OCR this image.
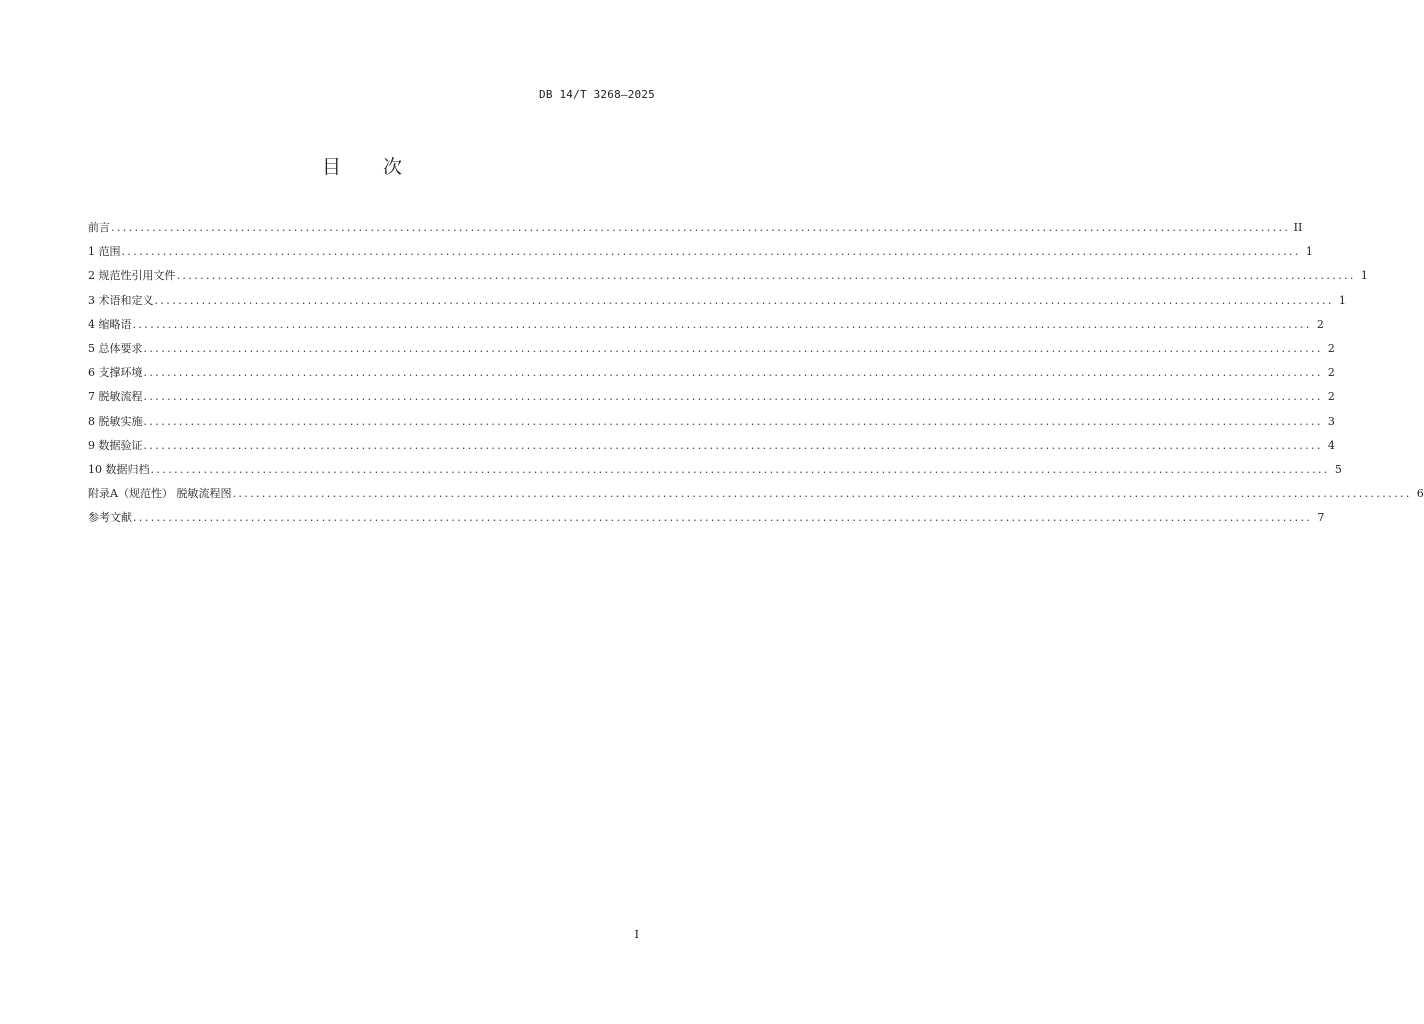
DB 14/T 3268—2025
目 次
前言 ........................................................................................................................................................................................................ II
1 范围 ........................................................................................................................................................................................................ 1
2 规范性引用文件 ........................................................................................................................................................................................................ 1
3 术语和定义 ........................................................................................................................................................................................................ 1
4 缩略语 ........................................................................................................................................................................................................ 2
5 总体要求 ........................................................................................................................................................................................................ 2
6 支撑环境 ........................................................................................................................................................................................................ 2
7 脱敏流程 ........................................................................................................................................................................................................ 2
8 脱敏实施 ........................................................................................................................................................................................................ 3
9 数据验证 ........................................................................................................................................................................................................ 4
10 数据归档 ........................................................................................................................................................................................................ 5
附录A（规范性） 脱敏流程图 ........................................................................................................................................................................................................ 6
参考文献 ........................................................................................................................................................................................................ 7
I
